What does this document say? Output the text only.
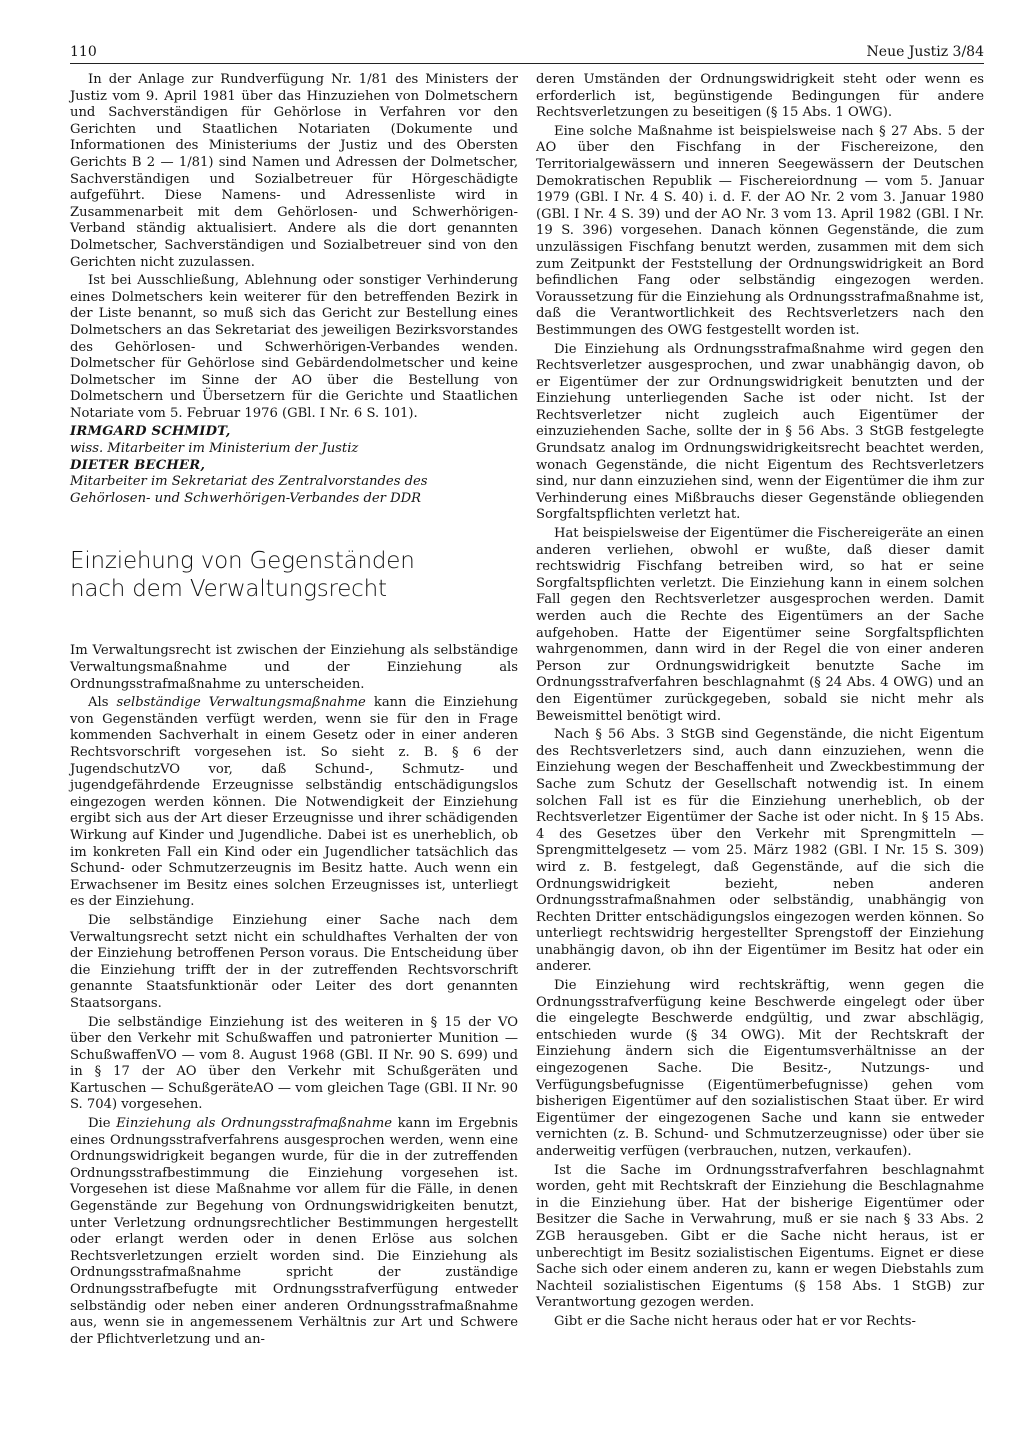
110	Neue Justiz 3/84

In der Anlage zur Rundverfügung Nr. 1/81 des Ministers der Justiz vom 9. April 1981 über das Hinzuziehen von Dolmetschern und Sachverständigen für Gehörlose in Verfahren vor den Gerichten und Staatlichen Notariaten (Dokumente und Informationen des Ministeriums der Justiz und des Obersten Gerichts B 2 — 1/81) sind Namen und Adressen der Dolmetscher, Sachverständigen und Sozialbetreuer für Hörgeschädigte aufgeführt. Diese Namens- und Adressenliste wird in Zusammenarbeit mit dem Gehörlosen- und Schwerhörigen-Verband ständig aktualisiert. Andere als die dort genannten Dolmetscher, Sachverständigen und Sozialbetreuer sind von den Gerichten nicht zuzulassen.

Ist bei Ausschließung, Ablehnung oder sonstiger Verhinderung eines Dolmetschers kein weiterer für den betreffenden Bezirk in der Liste benannt, so muß sich das Gericht zur Bestellung eines Dolmetschers an das Sekretariat des jeweiligen Bezirksvorstandes des Gehörlosen- und Schwerhörigen-Verbandes wenden. Dolmetscher für Gehörlose sind Gebärdendolmetscher und keine Dolmetscher im Sinne der AO über die Bestellung von Dolmetschern und Übersetzern für die Gerichte und Staatlichen Notariate vom 5. Februar 1976 (GBl. I Nr. 6 S. 101).

IRMGARD SCHMIDT,
wiss. Mitarbeiter im Ministerium der Justiz
DIETER BECHER,
Mitarbeiter im Sekretariat des Zentralvorstandes des
Gehörlosen- und Schwerhörigen-Verbandes der DDR
Einziehung von Gegenständen
nach dem Verwaltungsrecht

Im Verwaltungsrecht ist zwischen der Einziehung als selbständige Verwaltungsmaßnahme und der Einziehung als Ordnungsstrafmaßnahme zu unterscheiden.

Als selbständige Verwaltungsmaßnahme kann die Einziehung von Gegenständen verfügt werden, wenn sie für den in Frage kommenden Sachverhalt in einem Gesetz oder in einer anderen Rechtsvorschrift vorgesehen ist. So sieht z. B. § 6 der JugendschutzVO vor, daß Schund-, Schmutz- und jugendgefährdende Erzeugnisse selbständig entschädigungslos eingezogen werden können. Die Notwendigkeit der Einziehung ergibt sich aus der Art dieser Erzeugnisse und ihrer schädigenden Wirkung auf Kinder und Jugendliche. Dabei ist es unerheblich, ob im konkreten Fall ein Kind oder ein Jugendlicher tatsächlich das Schund- oder Schmutzerzeugnis im Besitz hatte. Auch wenn ein Erwachsener im Besitz eines solchen Erzeugnisses ist, unterliegt es der Einziehung.

Die selbständige Einziehung einer Sache nach dem Verwaltungsrecht setzt nicht ein schuldhaftes Verhalten der von der Einziehung betroffenen Person voraus. Die Entscheidung über die Einziehung trifft der in der zutreffenden Rechtsvorschrift genannte Staatsfunktionär oder Leiter des dort genannten Staatsorgans.

Die selbständige Einziehung ist des weiteren in § 15 der VO über den Verkehr mit Schußwaffen und patronierter Munition — SchußwaffenVO — vom 8. August 1968 (GBl. II Nr. 90 S. 699) und in § 17 der AO über den Verkehr mit Schußgeräten und Kartuschen — SchußgeräteAO — vom gleichen Tage (GBl. II Nr. 90 S. 704) vorgesehen.

Die Einziehung als Ordnungsstrafmaßnahme kann im Ergebnis eines Ordnungsstrafverfahrens ausgesprochen werden, wenn eine Ordnungswidrigkeit begangen wurde, für die in der zutreffenden Ordnungsstrafbestimmung die Einziehung vorgesehen ist. Vorgesehen ist diese Maßnahme vor allem für die Fälle, in denen Gegenstände zur Begehung von Ordnungswidrigkeiten benutzt, unter Verletzung ordnungsrechtlicher Bestimmungen hergestellt oder erlangt werden oder in denen Erlöse aus solchen Rechtsverletzungen erzielt worden sind. Die Einziehung als Ordnungsstrafmaßnahme spricht der zuständige Ordnungsstrafbefugte mit Ordnungsstrafverfügung entweder selbständig oder neben einer anderen Ordnungsstrafmaßnahme aus, wenn sie in angemessenem Verhältnis zur Art und Schwere der Pflichtverletzung und an-

deren Umständen der Ordnungswidrigkeit steht oder wenn es erforderlich ist, begünstigende Bedingungen für andere Rechtsverletzungen zu beseitigen (§ 15 Abs. 1 OWG).

Eine solche Maßnahme ist beispielsweise nach § 27 Abs. 5 der AO über den Fischfang in der Fischereizone, den Territorialgewässern und inneren Seegewässern der Deutschen Demokratischen Republik — Fischereiordnung — vom 5. Januar 1979 (GBl. I Nr. 4 S. 40) i. d. F. der AO Nr. 2 vom 3. Januar 1980 (GBl. I Nr. 4 S. 39) und der AO Nr. 3 vom 13. April 1982 (GBl. I Nr. 19 S. 396) vorgesehen. Danach können Gegenstände, die zum unzulässigen Fischfang benutzt werden, zusammen mit dem sich zum Zeitpunkt der Feststellung der Ordnungswidrigkeit an Bord befindlichen Fang oder selbständig eingezogen werden. Voraussetzung für die Einziehung als Ordnungsstrafmaßnahme ist, daß die Verantwortlichkeit des Rechtsverletzers nach den Bestimmungen des OWG festgestellt worden ist.

Die Einziehung als Ordnungsstrafmaßnahme wird gegen den Rechtsverletzer ausgesprochen, und zwar unabhängig davon, ob er Eigentümer der zur Ordnungswidrigkeit benutzten und der Einziehung unterliegenden Sache ist oder nicht. Ist der Rechtsverletzer nicht zugleich auch Eigentümer der einzuziehenden Sache, sollte der in § 56 Abs. 3 StGB festgelegte Grundsatz analog im Ordnungswidrigkeitsrecht beachtet werden, wonach Gegenstände, die nicht Eigentum des Rechtsverletzers sind, nur dann einzuziehen sind, wenn der Eigentümer die ihm zur Verhinderung eines Mißbrauchs dieser Gegenstände obliegenden Sorgfaltspflichten verletzt hat.

Hat beispielsweise der Eigentümer die Fischereigeräte an einen anderen verliehen, obwohl er wußte, daß dieser damit rechtswidrig Fischfang betreiben wird, so hat er seine Sorgfaltspflichten verletzt. Die Einziehung kann in einem solchen Fall gegen den Rechtsverletzer ausgesprochen werden. Damit werden auch die Rechte des Eigentümers an der Sache aufgehoben. Hatte der Eigentümer seine Sorgfaltspflichten wahrgenommen, dann wird in der Regel die von einer anderen Person zur Ordnungswidrigkeit benutzte Sache im Ordnungsstrafverfahren beschlagnahmt (§ 24 Abs. 4 OWG) und an den Eigentümer zurückgegeben, sobald sie nicht mehr als Beweismittel benötigt wird.

Nach § 56 Abs. 3 StGB sind Gegenstände, die nicht Eigentum des Rechtsverletzers sind, auch dann einzuziehen, wenn die Einziehung wegen der Beschaffenheit und Zweckbestimmung der Sache zum Schutz der Gesellschaft notwendig ist. In einem solchen Fall ist es für die Einziehung unerheblich, ob der Rechtsverletzer Eigentümer der Sache ist oder nicht. In § 15 Abs. 4 des Gesetzes über den Verkehr mit Sprengmitteln — Sprengmittelgesetz — vom 25. März 1982 (GBl. I Nr. 15 S. 309) wird z. B. festgelegt, daß Gegenstände, auf die sich die Ordnungswidrigkeit bezieht, neben anderen Ordnungsstrafmaßnahmen oder selbständig, unabhängig von Rechten Dritter entschädigungslos eingezogen werden können. So unterliegt rechtswidrig hergestellter Sprengstoff der Einziehung unabhängig davon, ob ihn der Eigentümer im Besitz hat oder ein anderer.

Die Einziehung wird rechtskräftig, wenn gegen die Ordnungsstrafverfügung keine Beschwerde eingelegt oder über die eingelegte Beschwerde endgültig, und zwar abschlägig, entschieden wurde (§ 34 OWG). Mit der Rechtskraft der Einziehung ändern sich die Eigentumsverhältnisse an der eingezogenen Sache. Die Besitz-, Nutzungs- und Verfügungsbefugnisse (Eigentümerbefugnisse) gehen vom bisherigen Eigentümer auf den sozialistischen Staat über. Er wird Eigentümer der eingezogenen Sache und kann sie entweder vernichten (z. B. Schund- und Schmutzerzeugnisse) oder über sie anderweitig verfügen (verbrauchen, nutzen, verkaufen).

Ist die Sache im Ordnungsstrafverfahren beschlagnahmt worden, geht mit Rechtskraft der Einziehung die Beschlagnahme in die Einziehung über. Hat der bisherige Eigentümer oder Besitzer die Sache in Verwahrung, muß er sie nach § 33 Abs. 2 ZGB herausgeben. Gibt er die Sache nicht heraus, ist er unberechtigt im Besitz sozialistischen Eigentums. Eignet er diese Sache sich oder einem anderen zu, kann er wegen Diebstahls zum Nachteil sozialistischen Eigentums (§ 158 Abs. 1 StGB) zur Verantwortung gezogen werden.

Gibt er die Sache nicht heraus oder hat er vor Rechts-
